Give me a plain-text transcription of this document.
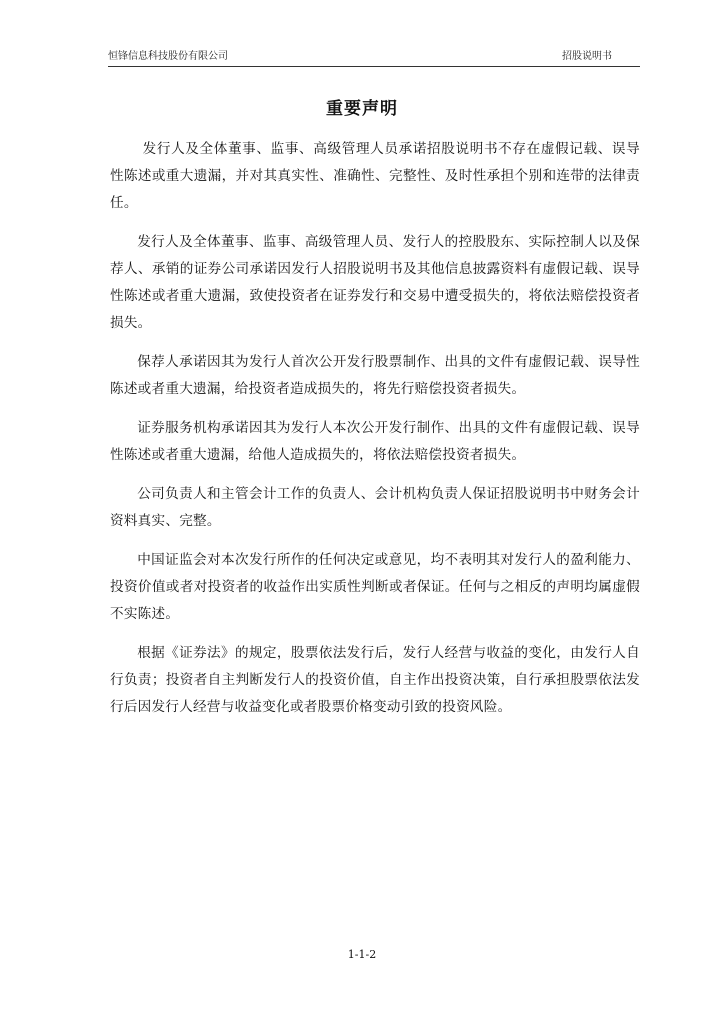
恒锋信息科技股份有限公司	招股说明书
重要声明

发行人及全体董事、监事、高级管理人员承诺招股说明书不存在虚假记载、误导性陈述或重大遗漏，并对其真实性、准确性、完整性、及时性承担个别和连带的法律责任。

发行人及全体董事、监事、高级管理人员、发行人的控股股东、实际控制人以及保荐人、承销的证券公司承诺因发行人招股说明书及其他信息披露资料有虚假记载、误导性陈述或者重大遗漏，致使投资者在证券发行和交易中遭受损失的，将依法赔偿投资者损失。

保荐人承诺因其为发行人首次公开发行股票制作、出具的文件有虚假记载、误导性陈述或者重大遗漏，给投资者造成损失的，将先行赔偿投资者损失。

证券服务机构承诺因其为发行人本次公开发行制作、出具的文件有虚假记载、误导性陈述或者重大遗漏，给他人造成损失的，将依法赔偿投资者损失。

公司负责人和主管会计工作的负责人、会计机构负责人保证招股说明书中财务会计资料真实、完整。

中国证监会对本次发行所作的任何决定或意见，均不表明其对发行人的盈利能力、投资价值或者对投资者的收益作出实质性判断或者保证。任何与之相反的声明均属虚假不实陈述。

根据《证券法》的规定，股票依法发行后，发行人经营与收益的变化，由发行人自行负责；投资者自主判断发行人的投资价值，自主作出投资决策，自行承担股票依法发行后因发行人经营与收益变化或者股票价格变动引致的投资风险。

1-1-2
